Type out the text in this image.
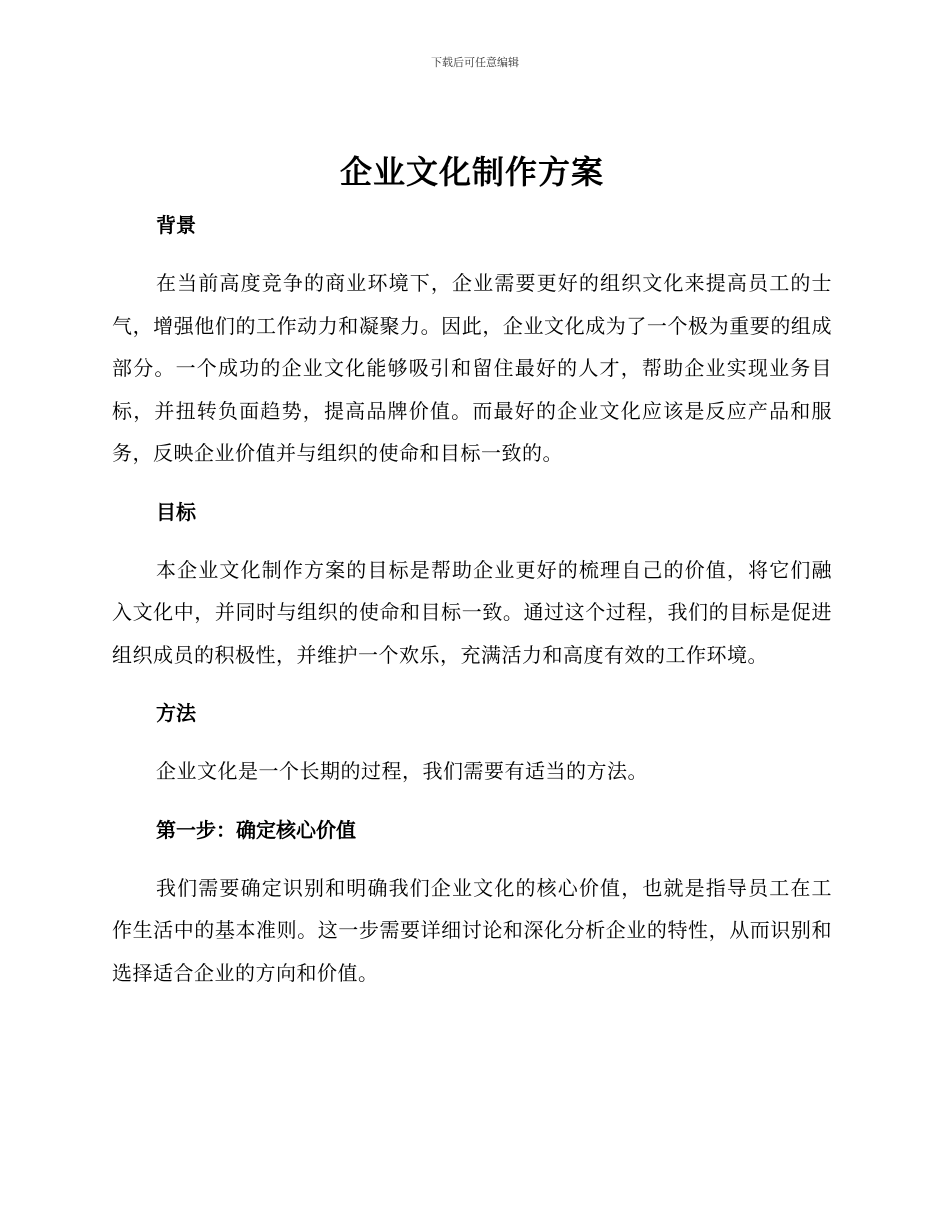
下载后可任意编辑
企业文化制作方案
背景

在当前高度竞争的商业环境下，企业需要更好的组织文化来提高员工的士气，增强他们的工作动力和凝聚力。因此，企业文化成为了一个极为重要的组成部分。一个成功的企业文化能够吸引和留住最好的人才，帮助企业实现业务目标，并扭转负面趋势，提高品牌价值。而最好的企业文化应该是反应产品和服务，反映企业价值并与组织的使命和目标一致的。

目标

本企业文化制作方案的目标是帮助企业更好的梳理自己的价值，将它们融入文化中，并同时与组织的使命和目标一致。通过这个过程，我们的目标是促进组织成员的积极性，并维护一个欢乐，充满活力和高度有效的工作环境。

方法

企业文化是一个长期的过程，我们需要有适当的方法。

第一步：确定核心价值

我们需要确定识别和明确我们企业文化的核心价值，也就是指导员工在工作生活中的基本准则。这一步需要详细讨论和深化分析企业的特性，从而识别和选择适合企业的方向和价值。
